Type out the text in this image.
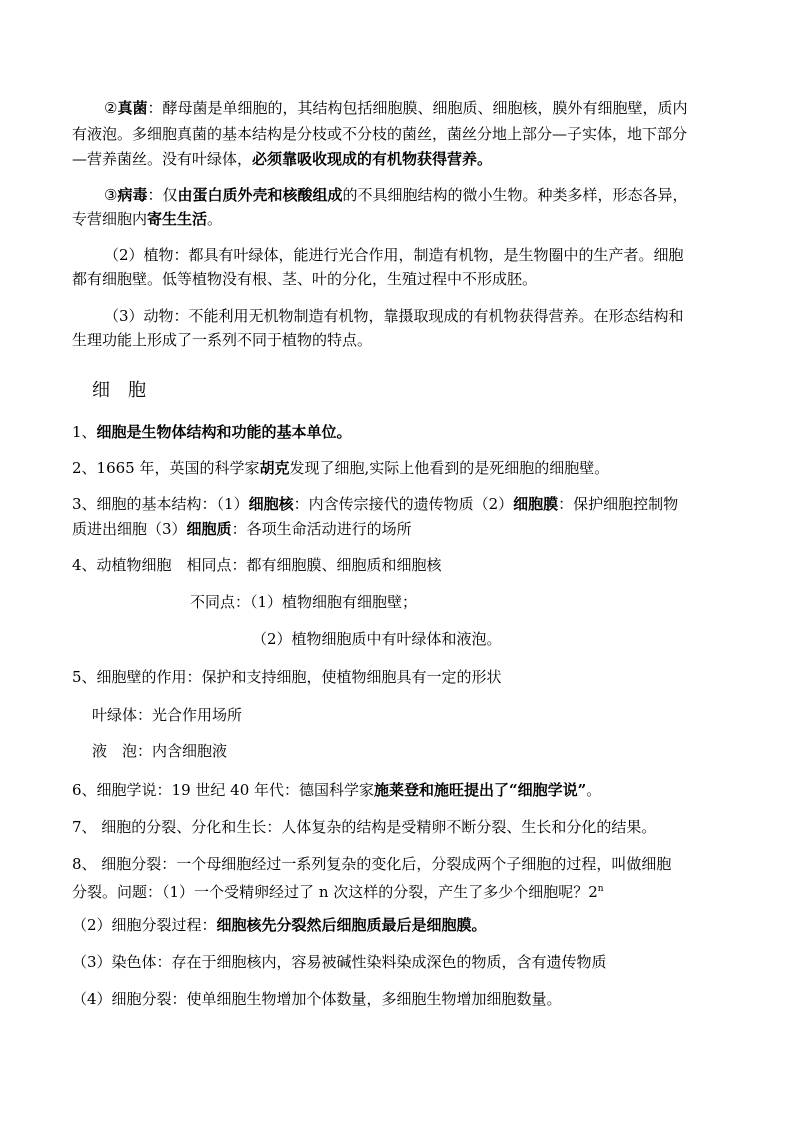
②真菌：酵母菌是单细胞的，其结构包括细胞膜、细胞质、细胞核，膜外有细胞壁，质内
有液泡。多细胞真菌的基本结构是分枝或不分枝的菌丝，菌丝分地上部分—子实体，地下部分
—营养菌丝。没有叶绿体，必须靠吸收现成的有机物获得营养。
③病毒：仅由蛋白质外壳和核酸组成的不具细胞结构的微小生物。种类多样，形态各异，
专营细胞内寄生生活。
（2）植物：都具有叶绿体，能进行光合作用，制造有机物，是生物圈中的生产者。细胞
都有细胞壁。低等植物没有根、茎、叶的分化，生殖过程中不形成胚。
（3）动物：不能利用无机物制造有机物，靠摄取现成的有机物获得营养。在形态结构和
生理功能上形成了一系列不同于植物的特点。
细胞
1、细胞是生物体结构和功能的基本单位。
2、1665 年，英国的科学家胡克发现了细胞,实际上他看到的是死细胞的细胞壁。
3、细胞的基本结构：（1）细胞核：内含传宗接代的遗传物质（2）细胞膜：保护细胞控制物
质进出细胞（3）细胞质：各项生命活动进行的场所
4、动植物细胞　相同点：都有细胞膜、细胞质和细胞核
不同点：（1）植物细胞有细胞壁；
（2）植物细胞质中有叶绿体和液泡。
5、细胞壁的作用：保护和支持细胞，使植物细胞具有一定的形状
叶绿体：光合作用场所
液　泡：内含细胞液
6、细胞学说：19 世纪 40 年代：德国科学家施莱登和施旺提出了“细胞学说”。
7、 细胞的分裂、分化和生长：人体复杂的结构是受精卵不断分裂、生长和分化的结果。
8、 细胞分裂：一个母细胞经过一系列复杂的变化后，分裂成两个子细胞的过程，叫做细胞
分裂。问题：（1）一个受精卵经过了 n 次这样的分裂，产生了多少个细胞呢？2$^n$
（2）细胞分裂过程：细胞核先分裂然后细胞质最后是细胞膜。
（3）染色体：存在于细胞核内，容易被碱性染料染成深色的物质，含有遗传物质
（4）细胞分裂：使单细胞生物增加个体数量，多细胞生物增加细胞数量。
